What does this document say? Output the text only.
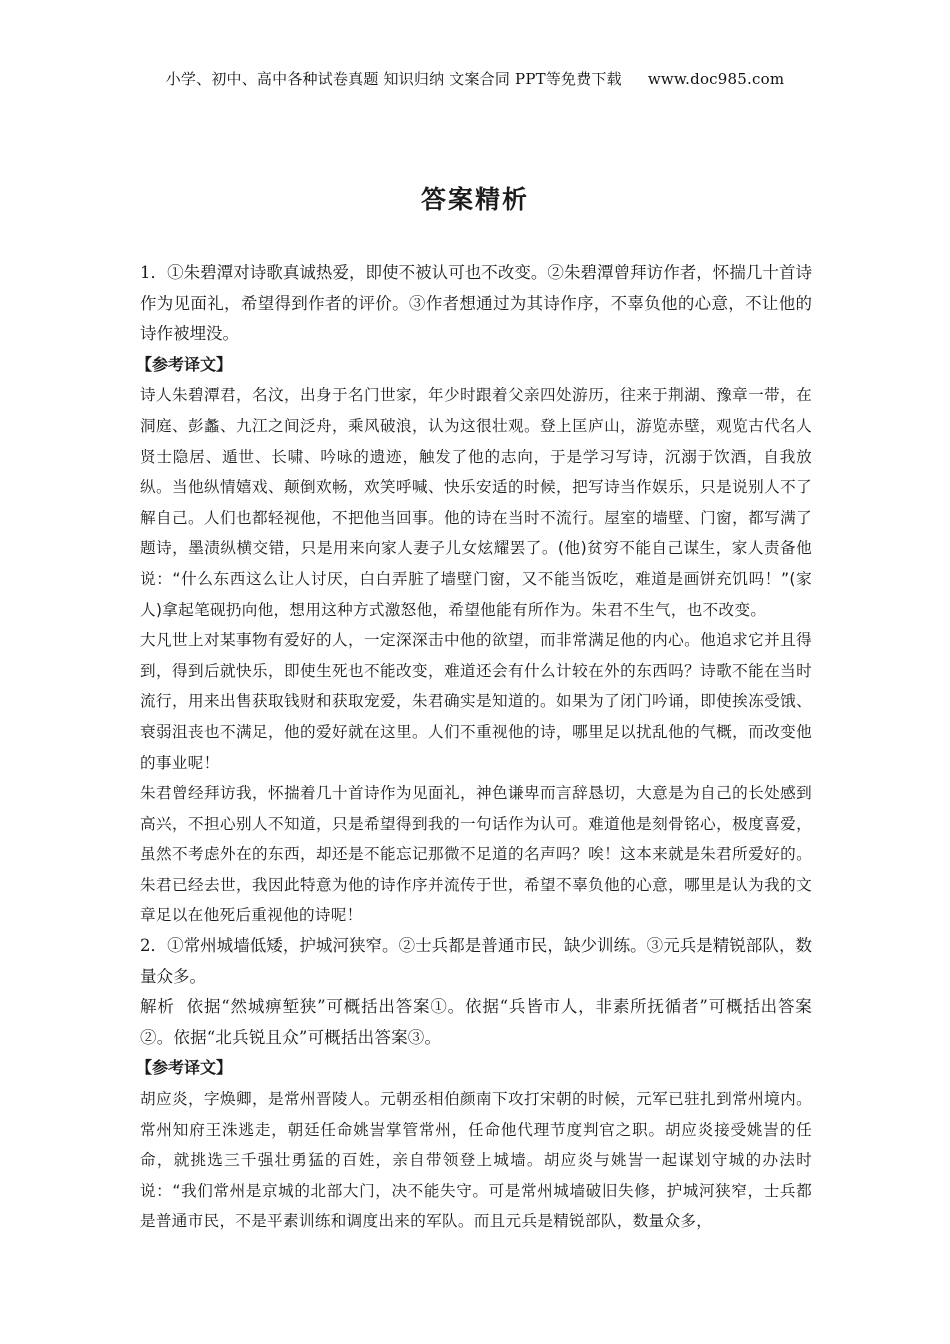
小学、初中、高中各种试卷真题 知识归纳 文案合同 PPT等免费下载 www.doc985.com
答案精析

1．①朱碧潭对诗歌真诚热爱，即使不被认可也不改变。②朱碧潭曾拜访作者，怀揣几十首诗作为见面礼，希望得到作者的评价。③作者想通过为其诗作序，不辜负他的心意，不让他的诗作被埋没。

【参考译文】

诗人朱碧潭君，名汶，出身于名门世家，年少时跟着父亲四处游历，往来于荆湖、豫章一带，在洞庭、彭蠡、九江之间泛舟，乘风破浪，认为这很壮观。登上匡庐山，游览赤壁，观览古代名人贤士隐居、遁世、长啸、吟咏的遗迹，触发了他的志向，于是学习写诗，沉溺于饮酒，自我放纵。当他纵情嬉戏、颠倒欢畅，欢笑呼喊、快乐安适的时候，把写诗当作娱乐，只是说别人不了解自己。人们也都轻视他，不把他当回事。他的诗在当时不流行。屋室的墙壁、门窗，都写满了题诗，墨渍纵横交错，只是用来向家人妻子儿女炫耀罢了。(他)贫穷不能自己谋生，家人责备他说：“什么东西这么让人讨厌，白白弄脏了墙壁门窗，又不能当饭吃，难道是画饼充饥吗！”(家人)拿起笔砚扔向他，想用这种方式激怒他，希望他能有所作为。朱君不生气，也不改变。

大凡世上对某事物有爱好的人，一定深深击中他的欲望，而非常满足他的内心。他追求它并且得到，得到后就快乐，即使生死也不能改变，难道还会有什么计较在外的东西吗？诗歌不能在当时流行，用来出售获取钱财和获取宠爱，朱君确实是知道的。如果为了闭门吟诵，即使挨冻受饿、衰弱沮丧也不满足，他的爱好就在这里。人们不重视他的诗，哪里足以扰乱他的气概，而改变他的事业呢！

朱君曾经拜访我，怀揣着几十首诗作为见面礼，神色谦卑而言辞恳切，大意是为自己的长处感到高兴，不担心别人不知道，只是希望得到我的一句话作为认可。难道他是刻骨铭心，极度喜爱，虽然不考虑外在的东西，却还是不能忘记那微不足道的名声吗？唉！这本来就是朱君所爱好的。朱君已经去世，我因此特意为他的诗作序并流传于世，希望不辜负他的心意，哪里是认为我的文章足以在他死后重视他的诗呢！

2．①常州城墙低矮，护城河狭窄。②士兵都是普通市民，缺少训练。③元兵是精锐部队，数量众多。

解析 依据“然城痹堑狭”可概括出答案①。依据“兵皆市人，非素所抚循者”可概括出答案②。依据“北兵锐且众”可概括出答案③。

【参考译文】

胡应炎，字焕卿，是常州晋陵人。元朝丞相伯颜南下攻打宋朝的时候，元军已驻扎到常州境内。常州知府王洙逃走，朝廷任命姚訔掌管常州，任命他代理节度判官之职。胡应炎接受姚訔的任命，就挑选三千强壮勇猛的百姓，亲自带领登上城墙。胡应炎与姚訔一起谋划守城的办法时说：“我们常州是京城的北部大门，决不能失守。可是常州城墙破旧失修，护城河狭窄，士兵都是普通市民，不是平素训练和调度出来的军队。而且元兵是精锐部队，数量众多，
